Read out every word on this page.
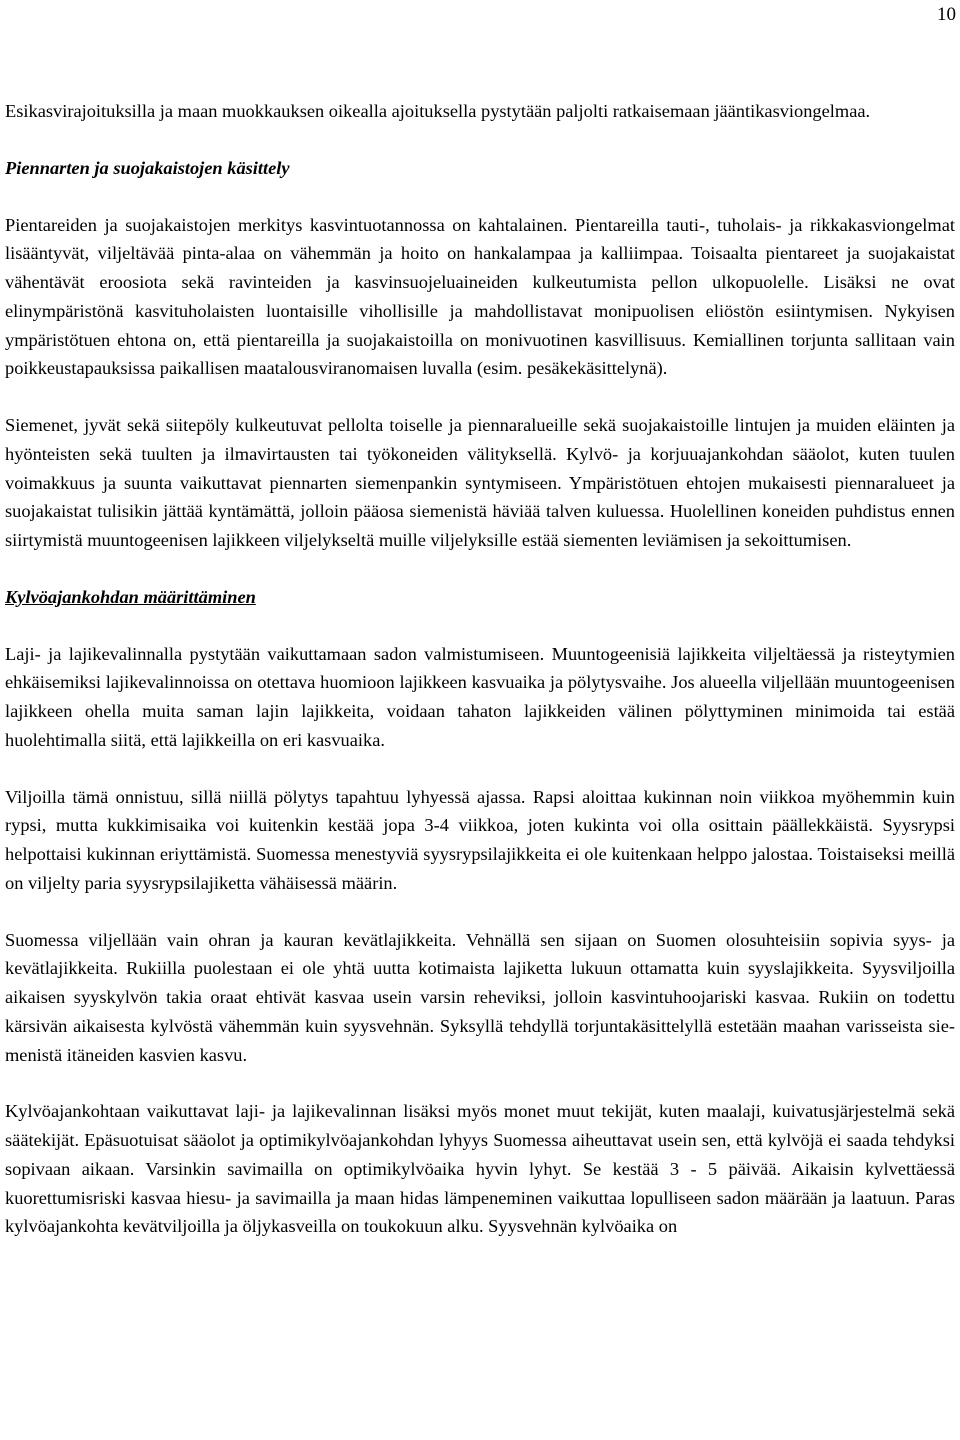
10

Esikasvirajoituksilla ja maan muokkauksen oikealla ajoituksella pystytään paljolti ratkaisemaan jääntikasviongelmaa.

Piennarten ja suojakaistojen käsittely

Pientareiden ja suojakaistojen merkitys kasvintuotannossa on kahtalainen. Pientareilla tauti-, tuholais- ja rikkakasviongelmat lisääntyvät, viljeltävää pinta-alaa on vähemmän ja hoito on hankalampaa ja kalliimpaa. Toisaalta pientareet ja suojakaistat vähentävät eroosiota sekä ravinteiden ja kasvinsuojeluaineiden kulkeutumista pellon ulkopuolelle. Lisäksi ne ovat elinympäristönä kasvituholaisten luontaisille vihollisille ja mahdollistavat monipuolisen eliöstön esiintymisen. Nykyisen ympäristötuen ehtona on, että pientareilla ja suojakaistoilla on monivuotinen kasvillisuus. Kemiallinen torjunta sallitaan vain poikkeustapauksissa paikallisen maatalousviranomaisen luvalla (esim. pesäkekäsittelynä).

Siemenet, jyvät sekä siitepöly kulkeutuvat pellolta toiselle ja piennaralueille sekä suojakaistoille lintujen ja muiden eläinten ja hyönteisten sekä tuulten ja ilmavirtausten tai työkoneiden välityksellä. Kylvö- ja korjuuajankohdan sääolot, kuten tuulen voimakkuus ja suunta vaikuttavat piennarten siemenpankin syntymiseen. Ympäristötuen ehtojen mukaisesti piennaralueet ja suojakaistat tulisikin jättää kyntämättä, jolloin pääosa siemenistä häviää talven kuluessa. Huolellinen koneiden puhdistus ennen siirtymistä muuntogeenisen lajikkeen viljelykseltä muille viljelyksille estää siementen leviämisen ja sekoittumisen.

Kylvöajankohdan määrittäminen

Laji- ja lajikevalinnalla pystytään vaikuttamaan sadon valmistumiseen. Muuntogeenisiä lajikkeita viljeltäessä ja risteytymien ehkäisemiksi lajikevalinnoissa on otettava huomioon lajikkeen kasvuaika ja pölytysvaihe. Jos alueella viljellään muuntogeenisen lajikkeen ohella muita saman lajin lajikkeita, voidaan tahaton lajikkeiden välinen pölyttyminen minimoida tai estää huolehtimalla siitä, että lajikkeilla on eri kasvuaika.

Viljoilla tämä onnistuu, sillä niillä pölytys tapahtuu lyhyessä ajassa. Rapsi aloittaa kukinnan noin viikkoa myöhemmin kuin rypsi, mutta kukkimisaika voi kuitenkin kestää jopa 3-4 viikkoa, joten kukinta voi olla osittain päällekkäistä. Syysrypsi helpottaisi kukinnan eriyttämistä. Suomessa menestyviä syysrypsilajikkeita ei ole kuitenkaan helppo jalostaa. Toistaiseksi meillä on viljelty paria syysrypsilajiketta vähäisessä määrin.

Suomessa viljellään vain ohran ja kauran kevätlajikkeita. Vehnällä sen sijaan on Suomen olosuhteisiin sopivia syys- ja kevätlajikkeita. Rukiilla puolestaan ei ole yhtä uutta kotimaista lajiketta lukuun ottamatta kuin syyslajikkeita. Syysviljoilla aikaisen syyskylvön takia oraat ehtivät kasvaa usein varsin reheviksi, jolloin kasvintuhoojariski kasvaa. Rukiin on todettu kärsivän aikaisesta kylvöstä vähemmän kuin syysvehnän. Syksyllä tehdyllä torjuntakäsittelyllä estetään maahan varisseista siemenistä itäneiden kasvien kasvu.

Kylvöajankohtaan vaikuttavat laji- ja lajikevalinnan lisäksi myös monet muut tekijät, kuten maalaji, kuivatusjärjestelmä sekä säätekijät. Epäsuotuisat sääolot ja optimikylvöajankohdan lyhyys Suomessa aiheuttavat usein sen, että kylvöjä ei saada tehdyksi sopivaan aikaan. Varsinkin savimailla on optimikylvöaika hyvin lyhyt. Se kestää 3 - 5 päivää. Aikaisin kylvettäessä kuorettumisriski kasvaa hiesu- ja savimailla ja maan hidas lämpeneminen vaikuttaa lopulliseen sadon määrään ja laatuun. Paras kylvöajankohta kevätviljoilla ja öljykasveilla on toukokuun alku. Syysvehnän kylvöaika on
